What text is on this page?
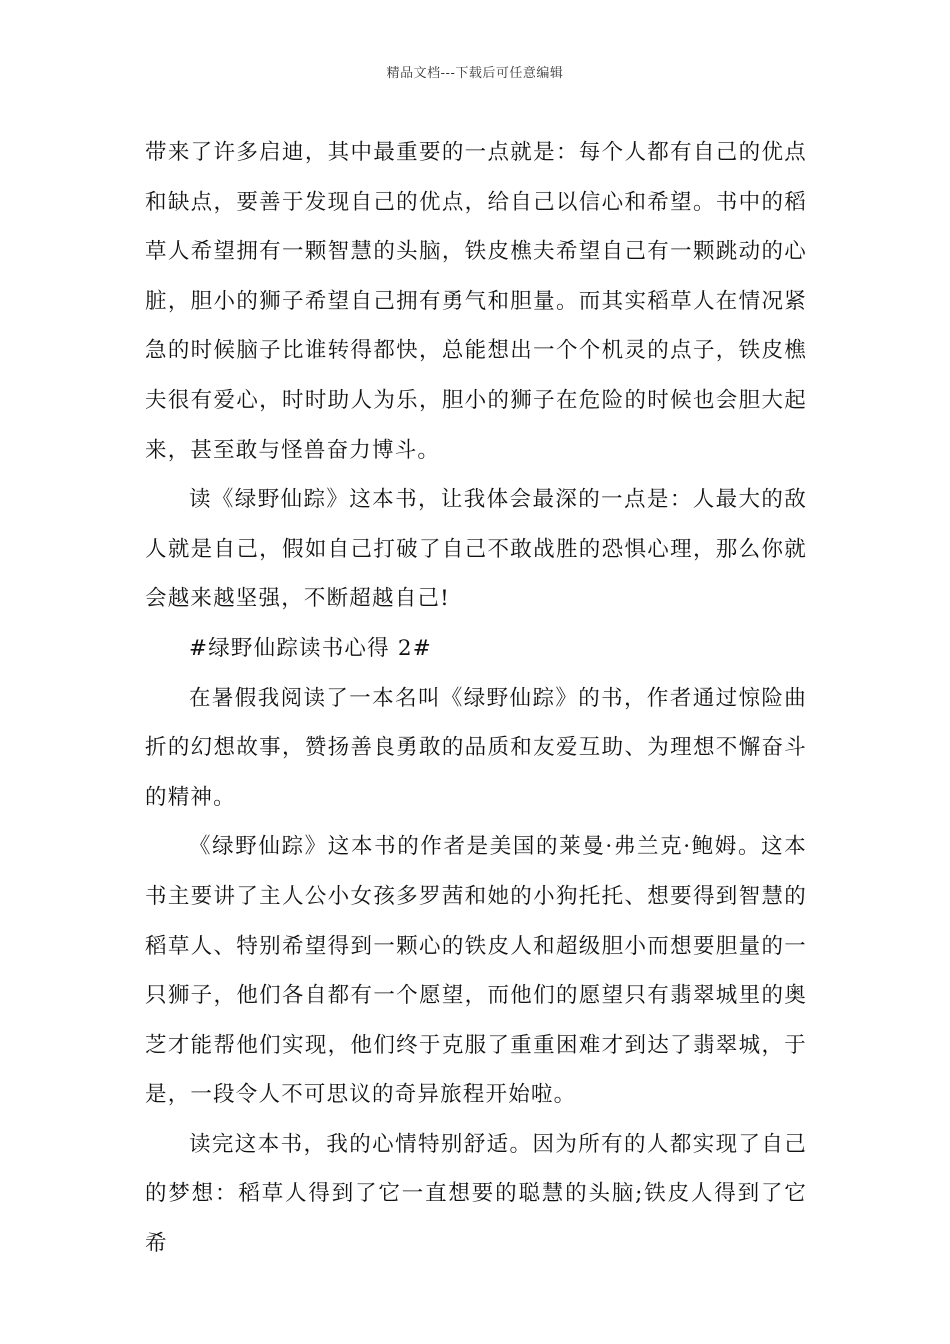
精品文档---下载后可任意编辑

带来了许多启迪，其中最重要的一点就是：每个人都有自己的优点和缺点，要善于发现自己的优点，给自己以信心和希望。书中的稻草人希望拥有一颗智慧的头脑，铁皮樵夫希望自己有一颗跳动的心脏，胆小的狮子希望自己拥有勇气和胆量。而其实稻草人在情况紧急的时候脑子比谁转得都快，总能想出一个个机灵的点子，铁皮樵夫很有爱心，时时助人为乐，胆小的狮子在危险的时候也会胆大起来，甚至敢与怪兽奋力博斗。

读《绿野仙踪》这本书，让我体会最深的一点是：人最大的敌人就是自己，假如自己打破了自己不敢战胜的恐惧心理，那么你就会越来越坚强，不断超越自己!

#绿野仙踪读书心得 2#

在暑假我阅读了一本名叫《绿野仙踪》的书，作者通过惊险曲折的幻想故事，赞扬善良勇敢的品质和友爱互助、为理想不懈奋斗的精神。

《绿野仙踪》这本书的作者是美国的莱曼·弗兰克·鲍姆。这本书主要讲了主人公小女孩多罗茜和她的小狗托托、想要得到智慧的稻草人、特别希望得到一颗心的铁皮人和超级胆小而想要胆量的一只狮子，他们各自都有一个愿望，而他们的愿望只有翡翠城里的奥芝才能帮他们实现，他们终于克服了重重困难才到达了翡翠城，于是，一段令人不可思议的奇异旅程开始啦。

读完这本书，我的心情特别舒适。因为所有的人都实现了自己的梦想：稻草人得到了它一直想要的聪慧的头脑;铁皮人得到了它希
